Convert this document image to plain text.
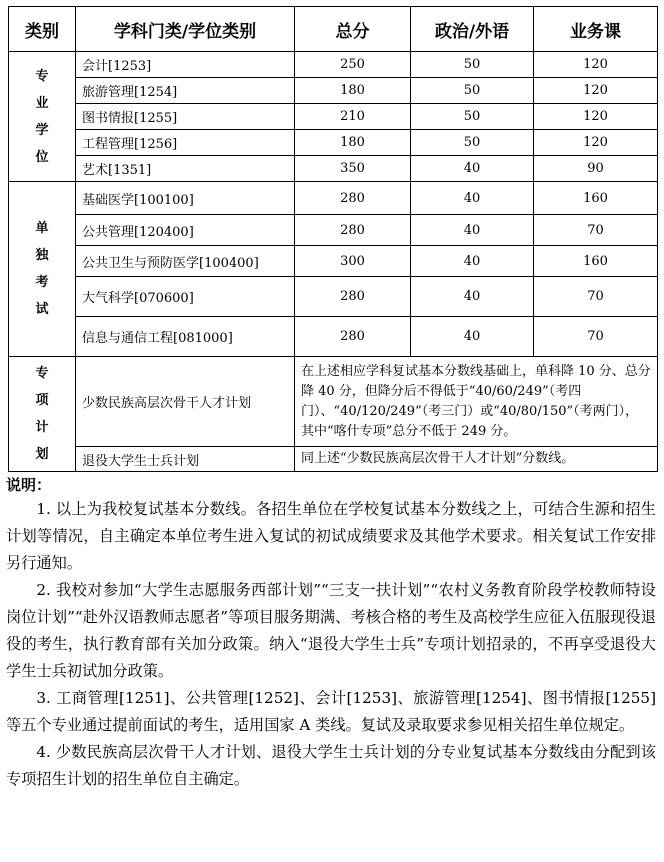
类别	学科门类/学位类别	总分	政治/外语	业务课

专
业
学
位	会计[1253]	250	50	120
	旅游管理[1254]	180	50	120
	图书情报[1255]	210	50	120
	工程管理[1256]	180	50	120
	艺术[1351]	350	40	90

单
独
考
试	基础医学[100100]	280	40	160
	公共管理[120400]	280	40	70
	公共卫生与预防医学[100400]	300	40	160
	大气科学[070600]	280	40	70
	信息与通信工程[081000]	280	40	70

专
项
计
划	少数民族高层次骨干人才计划	在上述相应学科复试基本分数线基础上，单科降 10 分、总分降 40 分，但降分后不得低于“40/60/249”（考四门）、“40/120/249”（考三门）或“40/80/150”（考两门），其中“喀什专项”总分不低于 249 分。		
	退役大学生士兵计划	同上述“少数民族高层次骨干人才计划”分数线。		
说明：

1. 以上为我校复试基本分数线。各招生单位在学校复试基本分数线之上，可结合生源和招生计划等情况，自主确定本单位考生进入复试的初试成绩要求及其他学术要求。相关复试工作安排另行通知。

2. 我校对参加“大学生志愿服务西部计划”“三支一扶计划”“农村义务教育阶段学校教师特设岗位计划”“赴外汉语教师志愿者”等项目服务期满、考核合格的考生及高校学生应征入伍服现役退役的考生，执行教育部有关加分政策。纳入“退役大学生士兵”专项计划招录的，不再享受退役大学生士兵初试加分政策。

3. 工商管理[1251]、公共管理[1252]、会计[1253]、旅游管理[1254]、图书情报[1255]等五个专业通过提前面试的考生，适用国家 A 类线。复试及录取要求参见相关招生单位规定。

4. 少数民族高层次骨干人才计划、退役大学生士兵计划的分专业复试基本分数线由分配到该专项招生计划的招生单位自主确定。
